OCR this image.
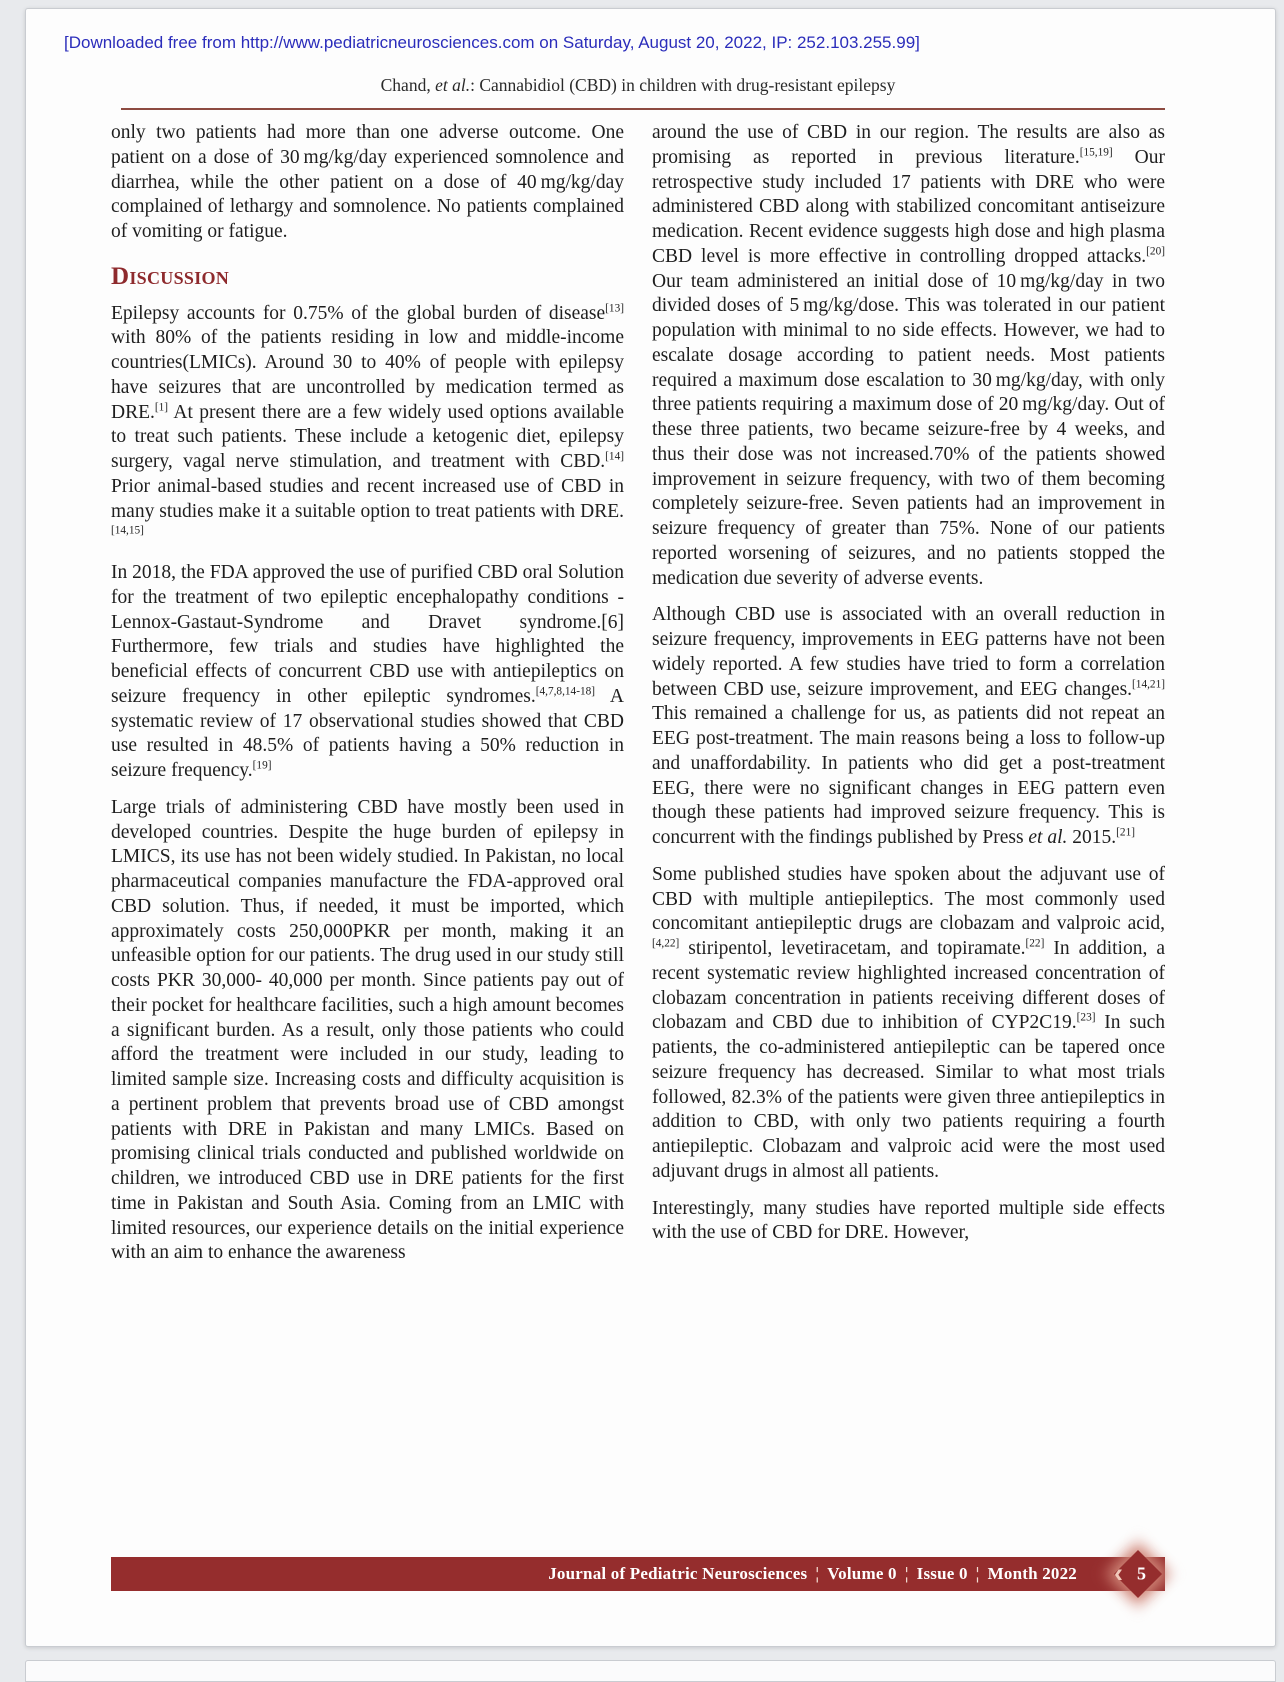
[Downloaded free from http://www.pediatricneurosciences.com on Saturday, August 20, 2022, IP: 252.103.255.99]
Chand, et al.: Cannabidiol (CBD) in children with drug-resistant epilepsy

only two patients had more than one adverse outcome. One patient on a dose of 30 mg/kg/day experienced somnolence and diarrhea, while the other patient on a dose of 40 mg/kg/day complained of lethargy and somnolence. No patients complained of vomiting or fatigue.

Discussion

Epilepsy accounts for 0.75% of the global burden of disease[13] with 80% of the patients residing in low and middle-income countries(LMICs). Around 30 to 40% of people with epilepsy have seizures that are uncontrolled by medication termed as DRE.[1] At present there are a few widely used options available to treat such patients. These include a ketogenic diet, epilepsy surgery, vagal nerve stimulation, and treatment with CBD.[14] Prior animal-based studies and recent increased use of CBD in many studies make it a suitable option to treat patients with DRE.[14,15]

In 2018, the FDA approved the use of purified CBD oral Solution for the treatment of two epileptic encephalopathy conditions - Lennox-Gastaut-Syndrome and Dravet syndrome.[6] Furthermore, few trials and studies have highlighted the beneficial effects of concurrent CBD use with antiepileptics on seizure frequency in other epileptic syndromes.[4,7,8,14-18] A systematic review of 17 observational studies showed that CBD use resulted in 48.5% of patients having a 50% reduction in seizure frequency.[19]

Large trials of administering CBD have mostly been used in developed countries. Despite the huge burden of epilepsy in LMICS, its use has not been widely studied. In Pakistan, no local pharmaceutical companies manufacture the FDA-approved oral CBD solution. Thus, if needed, it must be imported, which approximately costs 250,000PKR per month, making it an unfeasible option for our patients. The drug used in our study still costs PKR 30,000- 40,000 per month. Since patients pay out of their pocket for healthcare facilities, such a high amount becomes a significant burden. As a result, only those patients who could afford the treatment were included in our study, leading to limited sample size. Increasing costs and difficulty acquisition is a pertinent problem that prevents broad use of CBD amongst patients with DRE in Pakistan and many LMICs. Based on promising clinical trials conducted and published worldwide on children, we introduced CBD use in DRE patients for the first time in Pakistan and South Asia. Coming from an LMIC with limited resources, our experience details on the initial experience with an aim to enhance the awareness

around the use of CBD in our region. The results are also as promising as reported in previous literature.[15,19] Our retrospective study included 17 patients with DRE who were administered CBD along with stabilized concomitant antiseizure medication. Recent evidence suggests high dose and high plasma CBD level is more effective in controlling dropped attacks.[20] Our team administered an initial dose of 10 mg/kg/day in two divided doses of 5 mg/kg/dose. This was tolerated in our patient population with minimal to no side effects. However, we had to escalate dosage according to patient needs. Most patients required a maximum dose escalation to 30 mg/kg/day, with only three patients requiring a maximum dose of 20 mg/kg/day. Out of these three patients, two became seizure-free by 4 weeks, and thus their dose was not increased.70% of the patients showed improvement in seizure frequency, with two of them becoming completely seizure-free. Seven patients had an improvement in seizure frequency of greater than 75%. None of our patients reported worsening of seizures, and no patients stopped the medication due severity of adverse events.

Although CBD use is associated with an overall reduction in seizure frequency, improvements in EEG patterns have not been widely reported. A few studies have tried to form a correlation between CBD use, seizure improvement, and EEG changes.[14,21] This remained a challenge for us, as patients did not repeat an EEG post-treatment. The main reasons being a loss to follow-up and unaffordability. In patients who did get a post-treatment EEG, there were no significant changes in EEG pattern even though these patients had improved seizure frequency. This is concurrent with the findings published by Press et al. 2015.[21]

Some published studies have spoken about the adjuvant use of CBD with multiple antiepileptics. The most commonly used concomitant antiepileptic drugs are clobazam and valproic acid,[4,22] stiripentol, levetiracetam, and topiramate.[22] In addition, a recent systematic review highlighted increased concentration of clobazam concentration in patients receiving different doses of clobazam and CBD due to inhibition of CYP2C19.[23] In such patients, the co-administered antiepileptic can be tapered once seizure frequency has decreased. Similar to what most trials followed, 82.3% of the patients were given three antiepileptics in addition to CBD, with only two patients requiring a fourth antiepileptic. Clobazam and valproic acid were the most used adjuvant drugs in almost all patients.

Interestingly, many studies have reported multiple side effects with the use of CBD for DRE. However,

Journal of Pediatric Neurosciences ¦ Volume 0 ¦ Issue 0 ¦ Month 2022 ‹ 5
